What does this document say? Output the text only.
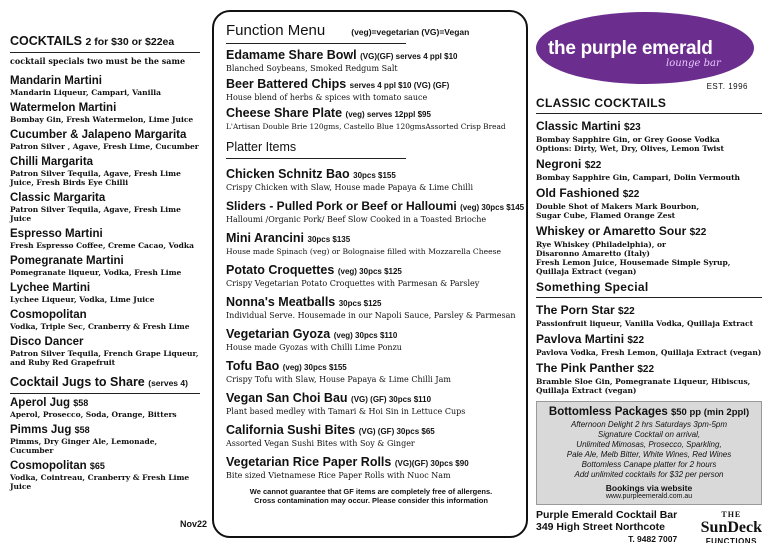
COCKTAILS 2 for $30 or $22ea
cocktail specials two must be the same
Mandarin Martini
Mandarin Liqueur, Campari, Vanilla
Watermelon Martini
Bombay Gin, Fresh Watermelon, Lime Juice
Cucumber & Jalapeno Margarita
Patron Silver , Agave, Fresh Lime, Cucumber
Chilli Margarita
Patron Silver Tequila, Agave, Fresh Lime Juice, Fresh Birds Eye Chilli
Classic Margarita
Patron Silver Tequila, Agave, Fresh Lime Juice
Espresso Martini
Fresh Espresso Coffee, Creme Cacao, Vodka
Pomegranate Martini
Pomegranate liqueur, Vodka, Fresh Lime
Lychee Martini
Lychee Liqueur, Vodka, Lime Juice
Cosmopolitan
Vodka, Triple Sec, Cranberry & Fresh Lime
Disco Dancer
Patron Silver Tequila, French Grape Liqueur, and Ruby Red Grapefruit
Cocktail Jugs to Share (serves 4)
Aperol Jug $58
Aperol, Prosecco, Soda, Orange, Bitters
Pimms Jug $58
Pimms, Dry Ginger Ale, Lemonade, Cucumber
Cosmopolitan $65
Vodka, Cointreau, Cranberry & Fresh Lime Juice
Nov22
Function Menu	(veg)=vegetarian (VG)=Vegan
Edamame Share Bowl (VG)(GF) serves 4 ppl $10
Blanched Soybeans, Smoked Redgum Salt
Beer Battered Chips serves 4 ppl $10 (VG) (GF)
House blend of herbs & spices with tomato sauce
Cheese Share Plate (veg) serves 12ppl $95
L'Artisan Double Brie 120gms, Castello Blue 120gmsAssorted Crisp Bread
Platter Items
Chicken Schnitz Bao 30pcs $155
Crispy Chicken with Slaw, House made Papaya & Lime Chilli
Sliders - Pulled Pork or Beef or Halloumi (veg) 30pcs $145
Halloumi /Organic Pork/ Beef Slow Cooked in a Toasted Brioche
Mini Arancini 30pcs $135
House made Spinach (veg) or Bolognaise filled with Mozzarella Cheese
Potato Croquettes (veg) 30pcs $125
Crispy Vegetarian Potato Croquettes with Parmesan & Parsley
Nonna's Meatballs 30pcs $125
Individual Serve. Housemade in our Napoli Sauce, Parsley & Parmesan
Vegetarian Gyoza (veg) 30pcs $110
House made Gyozas with Chilli Lime Ponzu
Tofu Bao (veg) 30pcs $155
Crispy Tofu with Slaw, House Papaya & Lime Chilli Jam
Vegan San Choi Bau (VG) (GF) 30pcs $110
Plant based medley with Tamari & Hoi Sin in Lettuce Cups
California Sushi Bites (VG) (GF) 30pcs $65
Assorted Vegan Sushi Bites with Soy & Ginger
Vegetarian Rice Paper Rolls (VG)(GF) 30pcs $90
Bite sized Vietnamese Rice Paper Rolls with Nuoc Nam
We cannot guarantee that GF items are completely free of allergens.
Cross contamination may occur. Please consider this information
the purple emerald
lounge bar
EST. 1996
CLASSIC COCKTAILS
Classic Martini $23
Bombay Sapphire Gin, or Grey Goose Vodka
Options: Dirty, Wet, Dry, Olives, Lemon Twist
Negroni $22
Bombay Sapphire Gin, Campari, Dolin Vermouth
Old Fashioned $22
Double Shot of Makers Mark Bourbon,
Sugar Cube, Flamed Orange Zest
Whiskey or Amaretto Sour $22
Rye Whiskey (Philadelphia), or
Disaronno Amaretto (Italy)
Fresh Lemon Juice, Housemade Simple Syrup,
Quillaja Extract (vegan)
Something Special
The Porn Star $22
Passionfruit liqueur, Vanilla Vodka, Quillaja Extract
Pavlova Martini $22
Pavlova Vodka, Fresh Lemon, Quillaja Extract (vegan)
The Pink Panther $22
Bramble Sloe Gin, Pomegranate Liqueur, Hibiscus,
Quillaja Extract (vegan)
Bottomless Packages $50 pp (min 2ppl)
Afternoon Delight 2 hrs Saturdays 3pm-5pm
Signature Cocktail on arrival,
Unlimited Mimosas, Prosecco, Sparkling,
Pale Ale, Melb Bitter, White Wines, Red Wines
Bottomless Canape platter for 2 hours
Add unlimited cocktails for $32 per person
Bookings via website
www.purpleemerald.com.au
Purple Emerald Cocktail Bar
349 High Street Northcote
T. 9482 7007
THE
SunDeck
FUNCTIONS
